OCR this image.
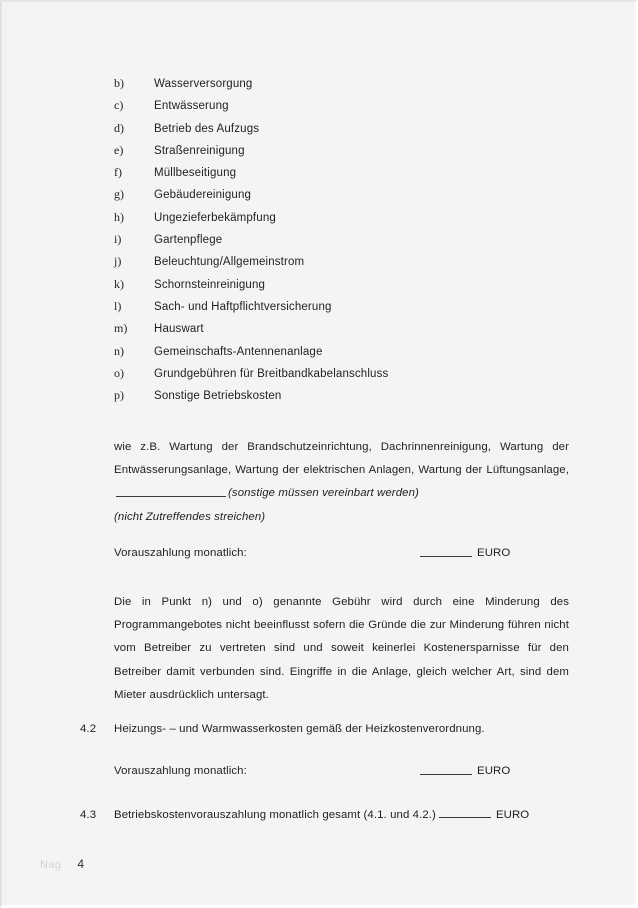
b)	Wasserversorgung
c)	Entwässerung
d)	Betrieb des Aufzugs
e)	Straßenreinigung
f)	Müllbeseitigung
g)	Gebäudereinigung
h)	Ungezieferbekämpfung
i)	Gartenpflege
j)	Beleuchtung/Allgemeinstrom
k)	Schornsteinreinigung
l)	Sach- und Haftpflichtversicherung
m)	Hauswart
n)	Gemeinschafts-Antennenanlage
o)	Grundgebühren für Breitbandkabelanschluss
p)	Sonstige Betriebskosten
wie z.B. Wartung der Brandschutzeinrichtung, Dachrinnenreinigung, Wartung der Entwässerungsanlage, Wartung der elektrischen Anlagen, Wartung der Lüftungsanlage,(sonstige müssen vereinbart werden)
(nicht Zutreffendes streichen)
Vorauszahlung monatlich:	EURO
Die in Punkt n) und o) genannte Gebühr wird durch eine Minderung des Programmangebotes nicht beeinflusst sofern die Gründe die zur Minderung führen nicht vom Betreiber zu vertreten sind und soweit keinerlei Kostenersparnisse für den Betreiber damit verbunden sind. Eingriffe in die Anlage, gleich welcher Art, sind dem Mieter ausdrücklich untersagt.
4.2	Heizungs- – und Warmwasserkosten gemäß der Heizkostenverordnung.
Vorauszahlung monatlich:	EURO
4.3	Betriebskostenvorauszahlung monatlich gesamt (4.1. und 4.2.)	EURO
Nag 4
